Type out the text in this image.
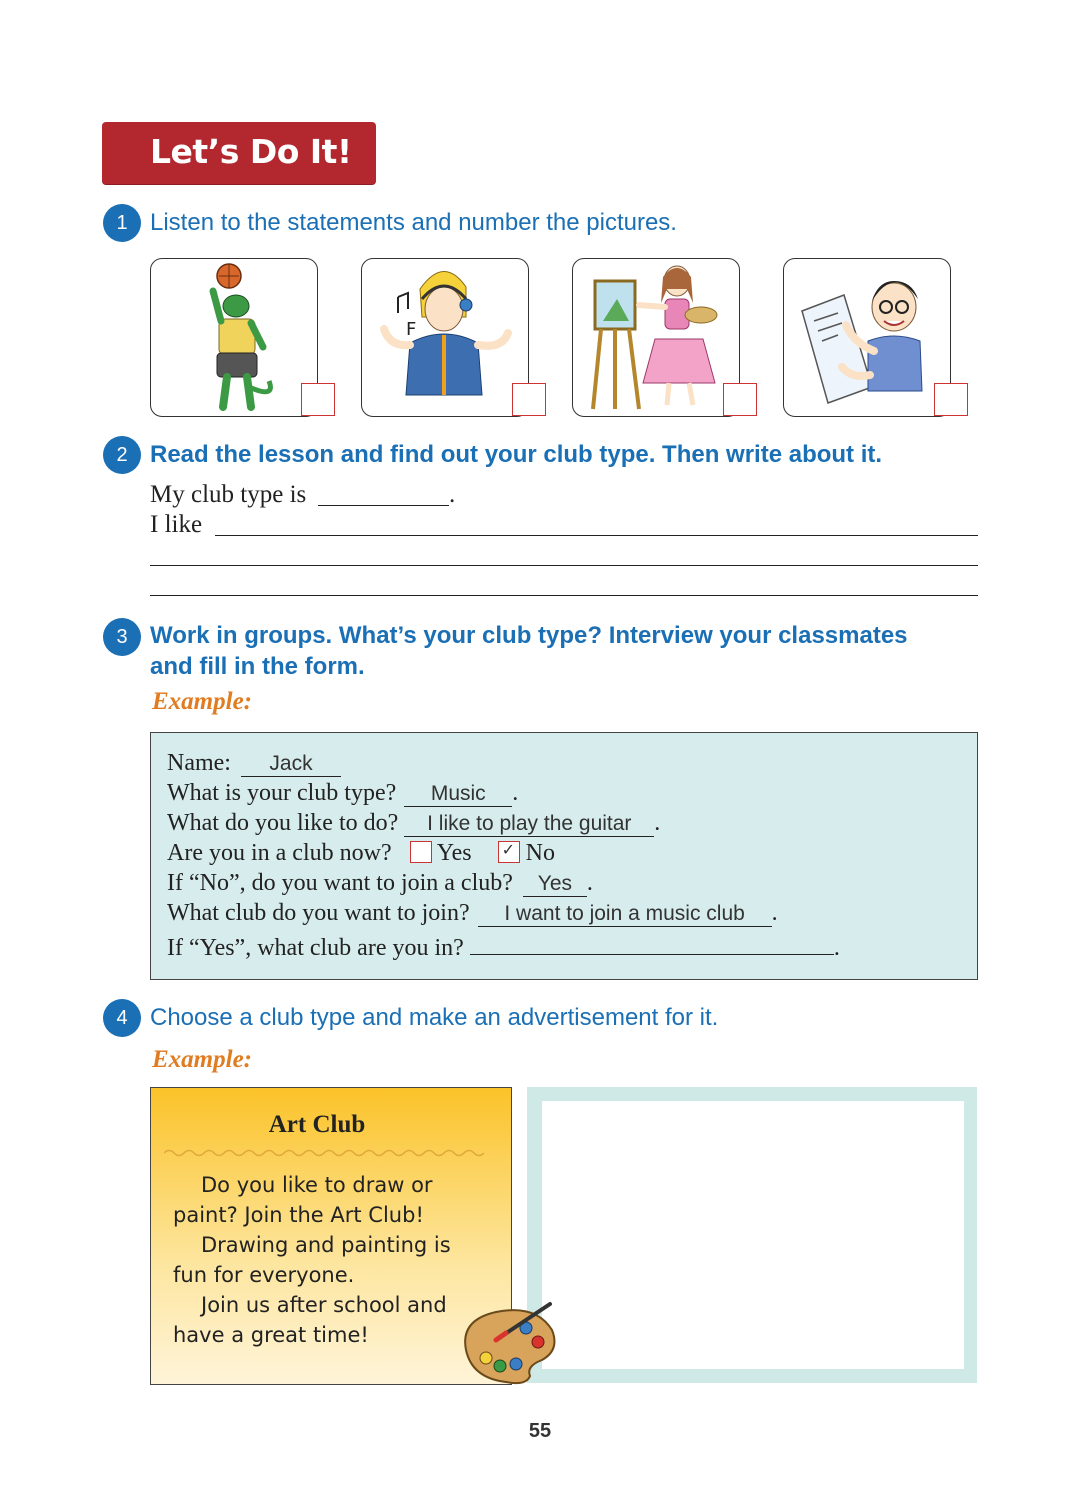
Let’s Do It!
1 Listen to the statements and number the pictures.
F
2 Read the lesson and find out your club type. Then write about it.
My club type is	.
I like
3 Work in groups. What’s your club type? Interview your classmates
and fill in the form.
Example:
Name: Jack
What is your club type? Music .
What do you like to do? I like to play the guitar .
Are you in a club now? Yes ✓ No
If “No”, do you want to join a club? Yes .
What club do you want to join? I want to join a music club .
If “Yes”, what club are you in?	.
4 Choose a club type and make an advertisement for it.
Example:
Art Club

Do you like to draw or

paint? Join the Art Club!

Drawing and painting is

fun for everyone.

Join us after school and

have a great time!

55
